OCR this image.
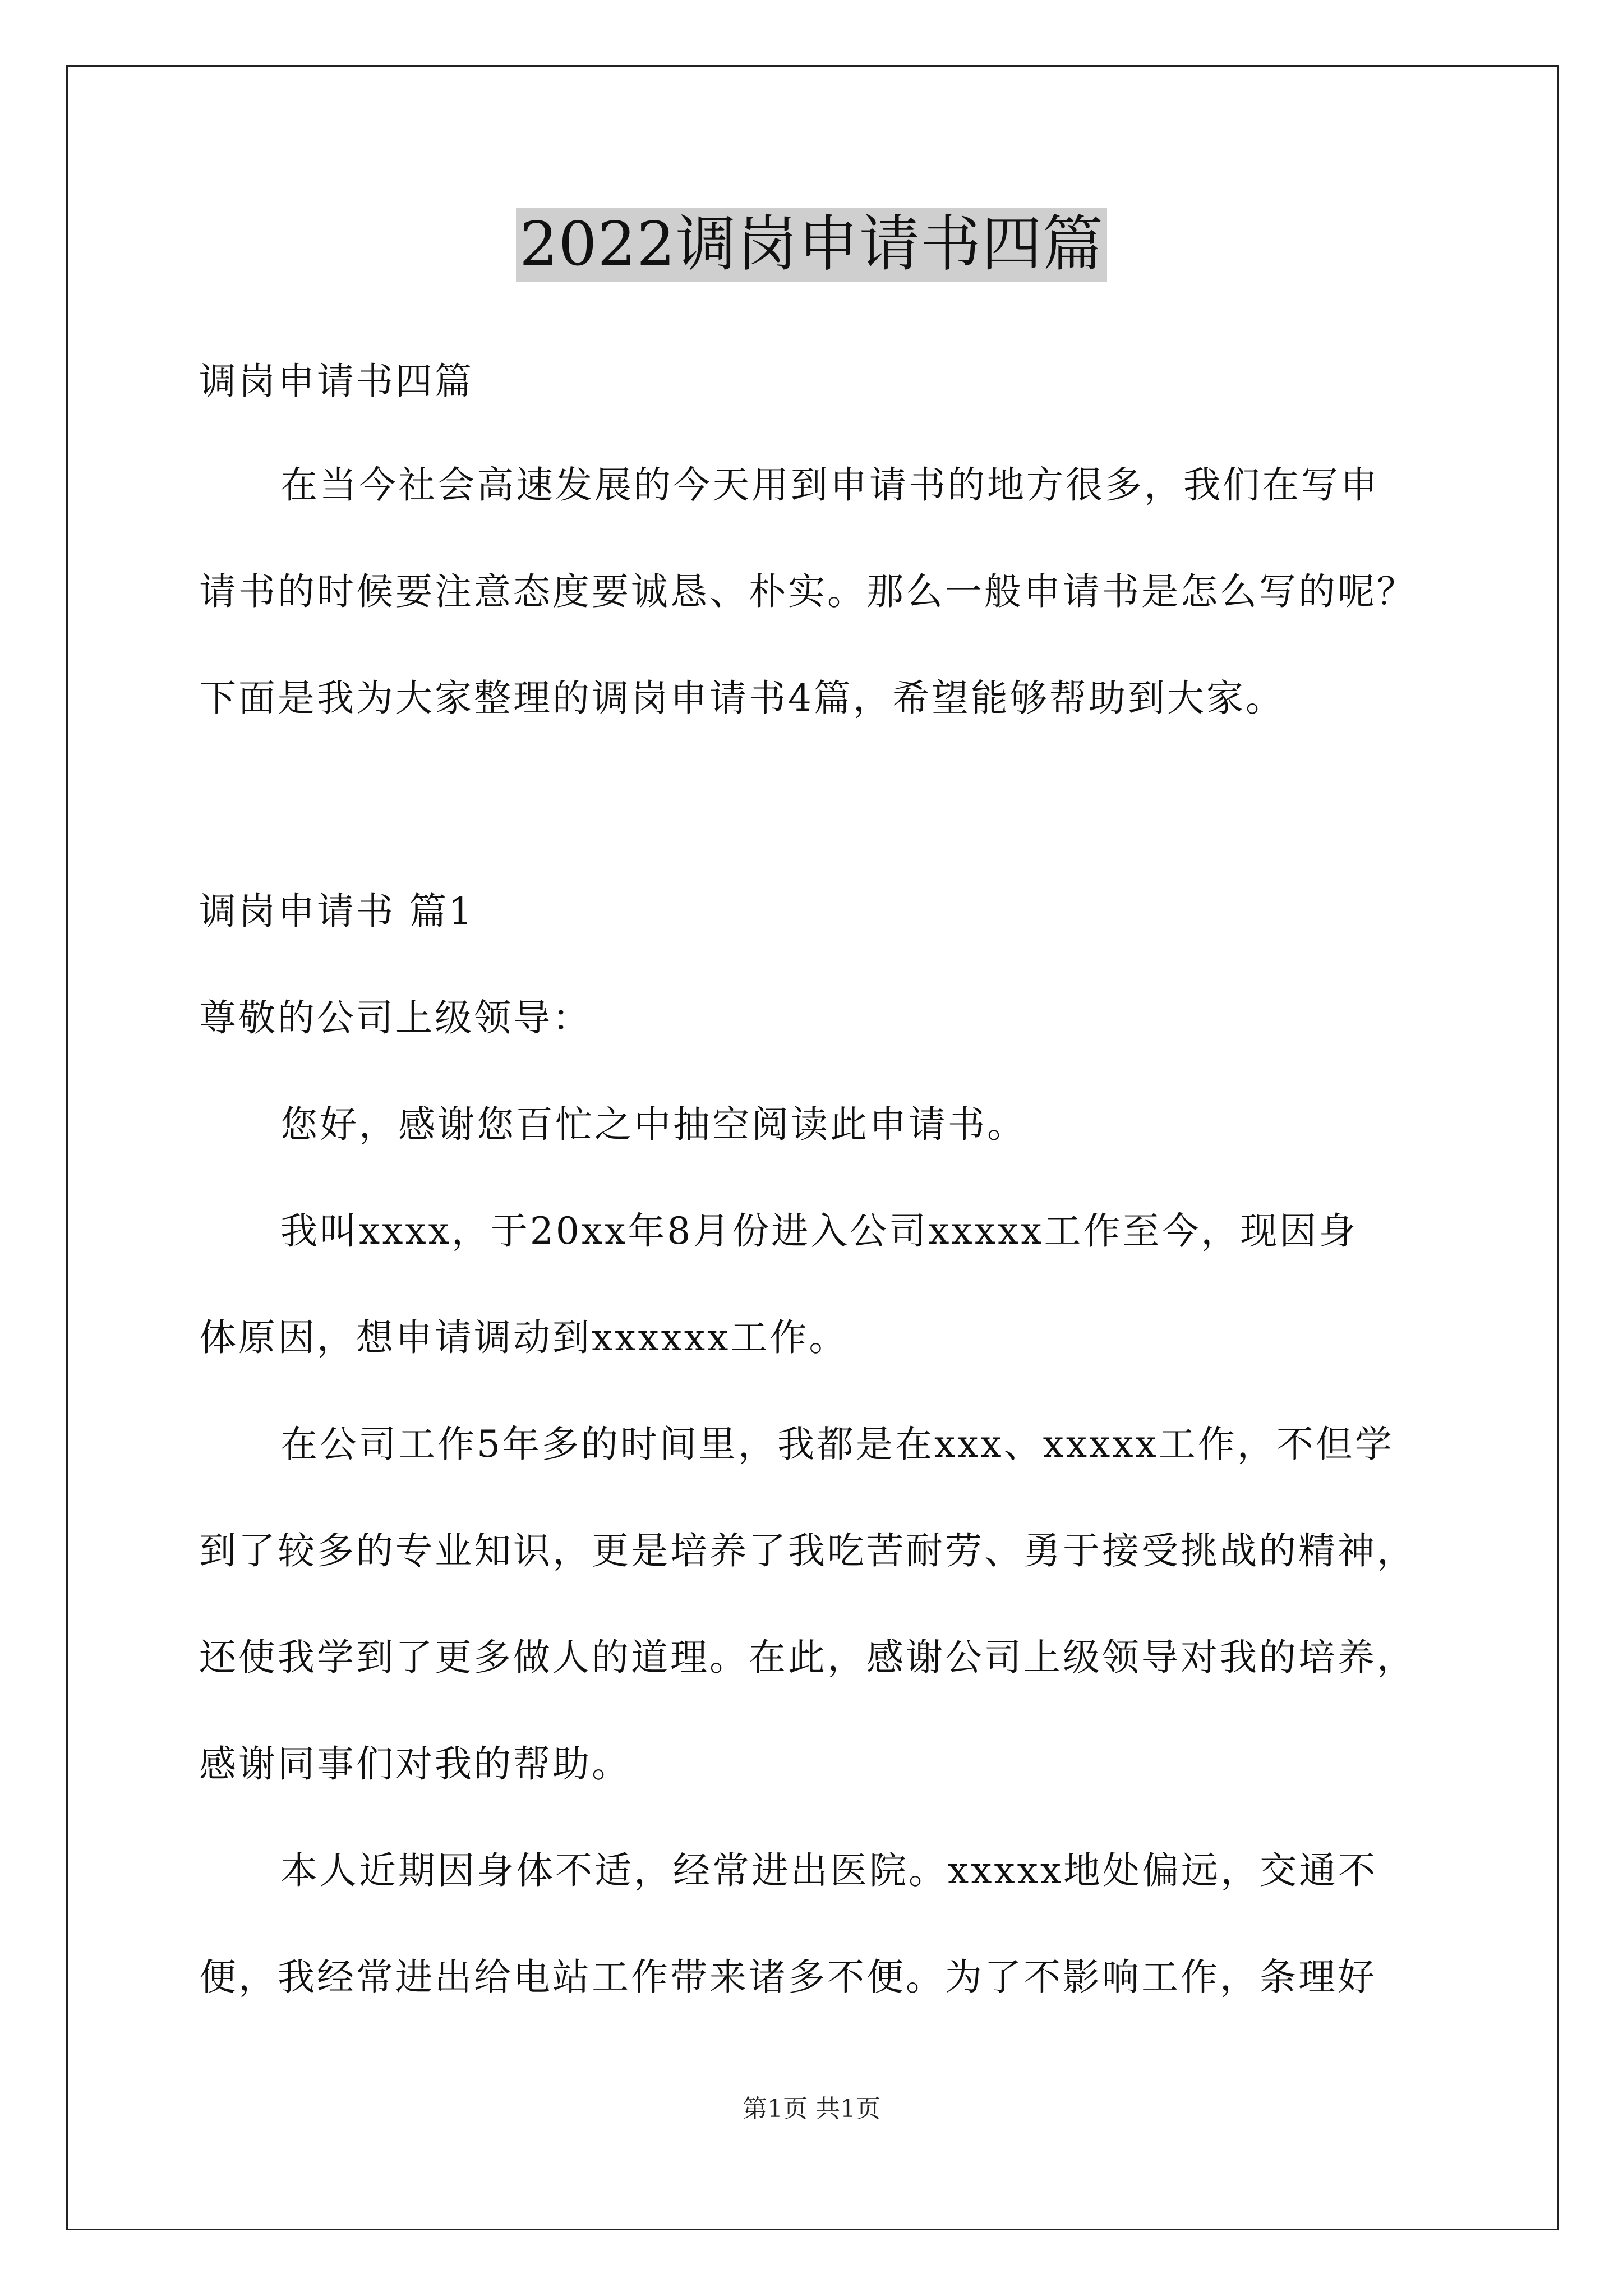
2022调岗申请书四篇
调岗申请书四篇
在当今社会高速发展的今天用到申请书的地方很多，我们在写申
请书的时候要注意态度要诚恳、朴实。那么一般申请书是怎么写的呢？
下面是我为大家整理的调岗申请书4篇，希望能够帮助到大家。
调岗申请书 篇1
尊敬的公司上级领导：
您好，感谢您百忙之中抽空阅读此申请书。
我叫xxxx，于20xx年8月份进入公司xxxxx工作至今，现因身
体原因，想申请调动到xxxxxx工作。
在公司工作5年多的时间里，我都是在xxx、xxxxx工作，不但学
到了较多的专业知识，更是培养了我吃苦耐劳、勇于接受挑战的精神，
还使我学到了更多做人的道理。在此，感谢公司上级领导对我的培养，
感谢同事们对我的帮助。
本人近期因身体不适，经常进出医院。xxxxx地处偏远，交通不
便，我经常进出给电站工作带来诸多不便。为了不影响工作，条理好
第1页 共1页
